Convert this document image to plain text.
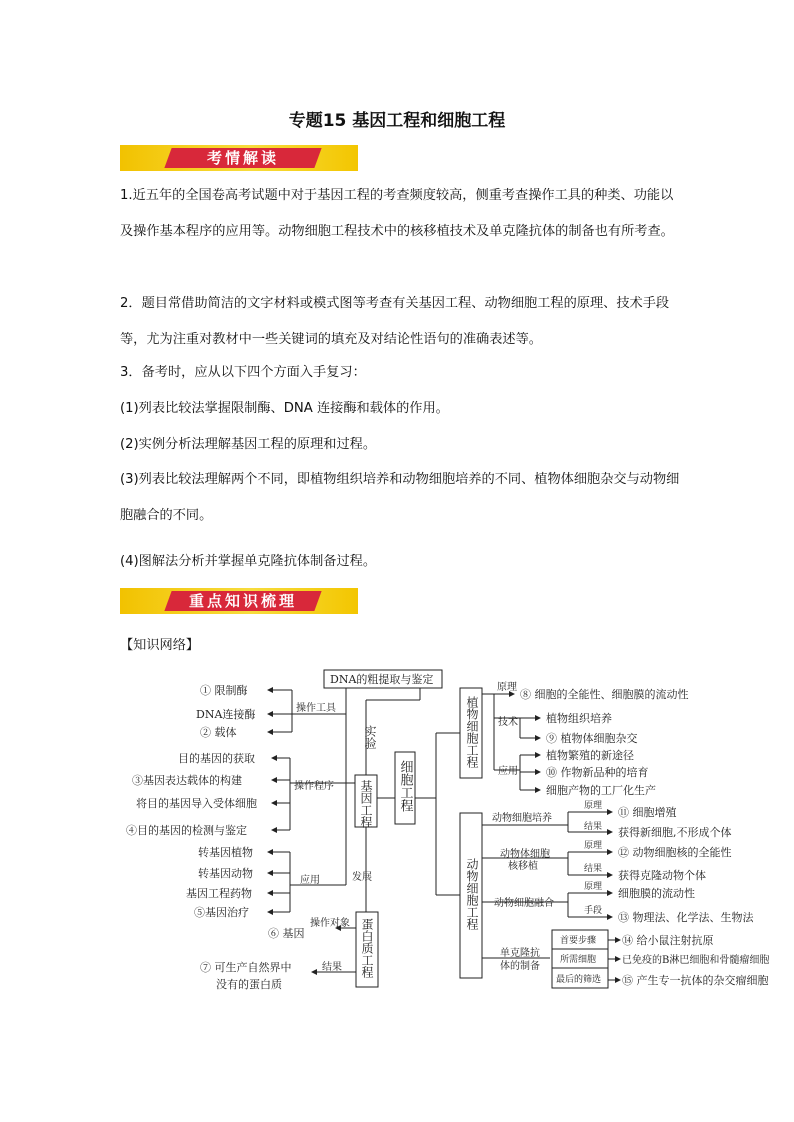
专题15 基因工程和细胞工程
考情解读

1.近五年的全国卷高考试题中对于基因工程的考查频度较高，侧重考查操作工具的种类、功能以及操作基本程序的应用等。动物细胞工程技术中的核移植技术及单克隆抗体的制备也有所考查。

2．题目常借助简洁的文字材料或模式图等考查有关基因工程、动物细胞工程的原理、技术手段等，尤为注重对教材中一些关键词的填充及对结论性语句的准确表述等。

3．备考时，应从以下四个方面入手复习：

(1)列表比较法掌握限制酶、DNA 连接酶和载体的作用。

(2)实例分析法理解基因工程的原理和过程。

(3)列表比较法理解两个不同，即植物组织培养和动物细胞培养的不同、植物体细胞杂交与动物细胞融合的不同。

(4)图解法分析并掌握单克隆抗体制备过程。

重点知识梳理
【知识网络】
DNA的粗提取与鉴定
实验
基因工程 细胞工程
蛋白质工程
植物细胞工程
动物细胞工程
发展
操作工具
操作程序
应用
① 限制酶
DNA连接酶
② 载体
目的基因的获取
③基因表达载体的构建
将目的基因导入受体细胞
④目的基因的检测与鉴定
转基因植物
转基因动物
基因工程药物
⑤基因治疗
操作对象
⑥ 基因
结果
⑦ 可生产自然界中
没有的蛋白质
原理
技术
应用
⑧ 细胞的全能性、细胞膜的流动性
植物组织培养
⑨ 植物体细胞杂交
植物繁殖的新途径
⑩ 作物新品种的培育
细胞产物的工厂化生产
动物细胞培养
原理 ⑪ 细胞增殖
结果 获得新细胞,不形成个体
动物体细胞
核移植
原理 ⑫ 动物细胞核的全能性
结果 获得克隆动物个体
动物细胞融合
原理 细胞膜的流动性
手段 ⑬ 物理法、化学法、生物法
单克隆抗
体的制备
首要步骤
所需细胞
最后的筛选
⑭ 给小鼠注射抗原
已免疫的B淋巴细胞和骨髓瘤细胞
⑮ 产生专一抗体的杂交瘤细胞
